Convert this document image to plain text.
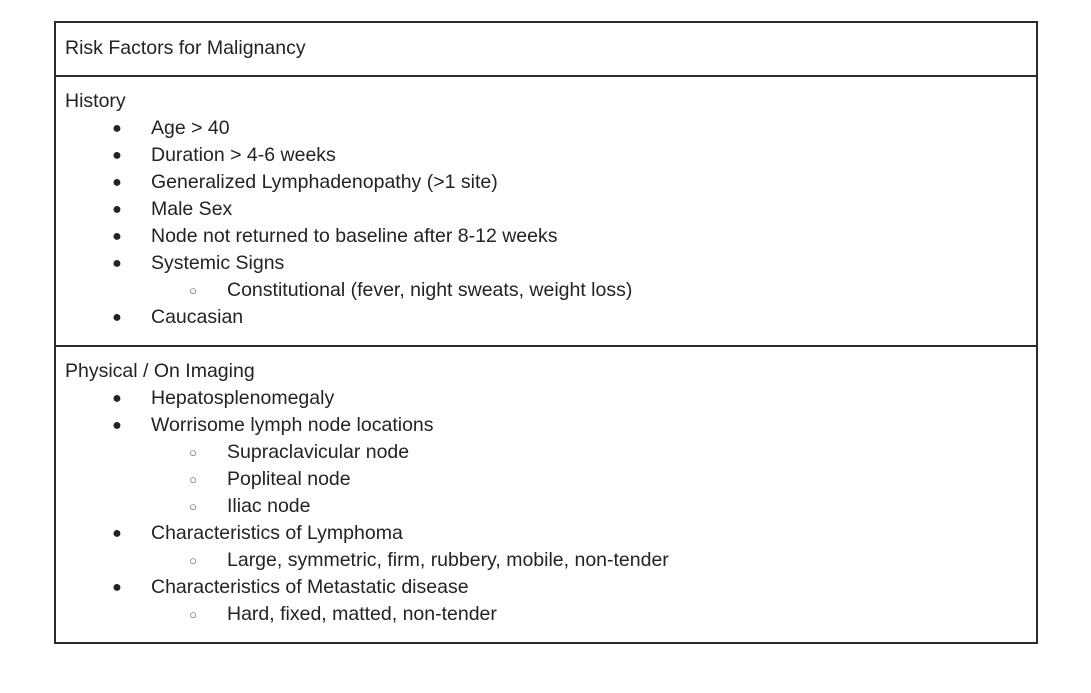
Risk Factors for Malignancy
History
● Age > 40
● Duration > 4-6 weeks
● Generalized Lymphadenopathy (>1 site)
● Male Sex
● Node not returned to baseline after 8-12 weeks
● Systemic Signs
○ Constitutional (fever, night sweats, weight loss)
● Caucasian
Physical / On Imaging
● Hepatosplenomegaly
● Worrisome lymph node locations
○ Supraclavicular node
○ Popliteal node
○ Iliac node
● Characteristics of Lymphoma
○ Large, symmetric, firm, rubbery, mobile, non-tender
● Characteristics of Metastatic disease
○ Hard, fixed, matted, non-tender
